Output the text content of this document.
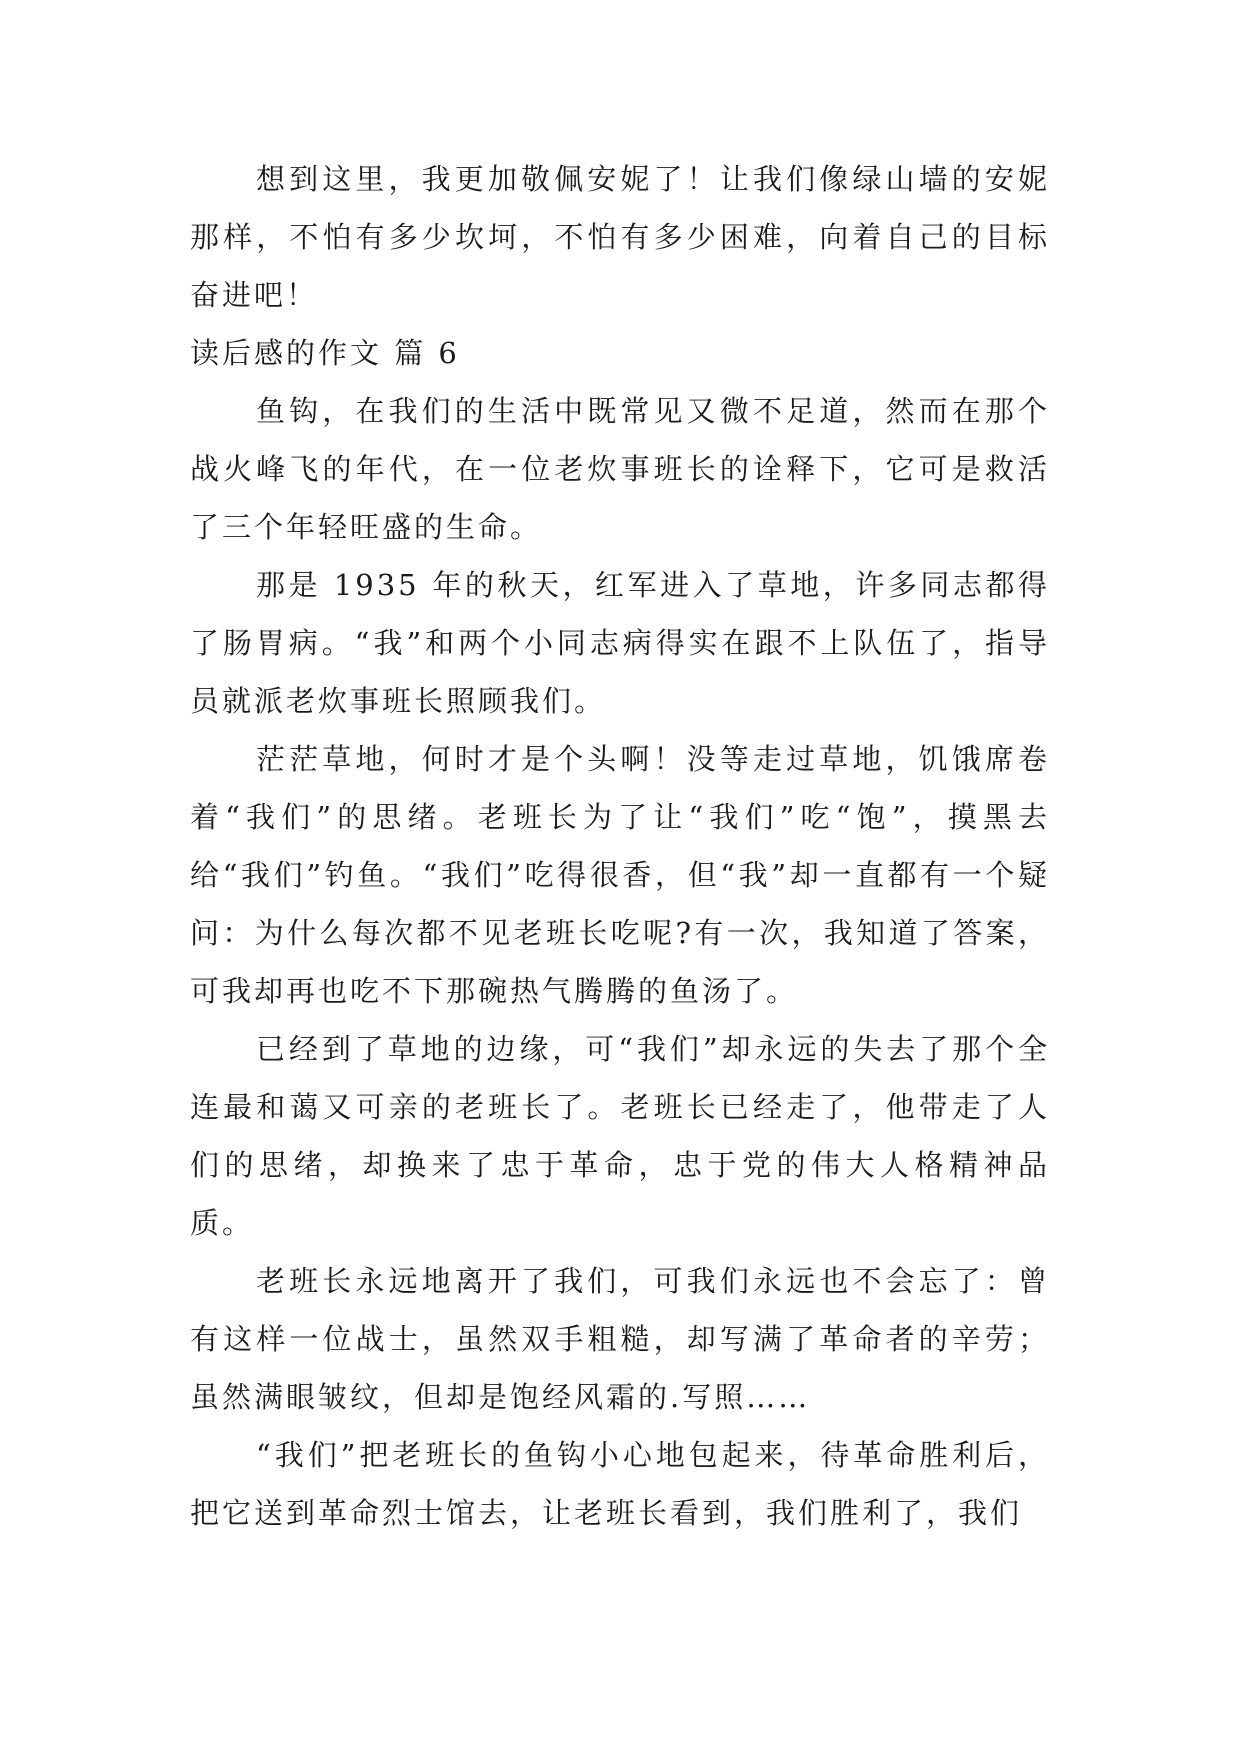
想到这里，我更加敬佩安妮了！让我们像绿山墙的安妮那样，不怕有多少坎坷，不怕有多少困难，向着自己的目标奋进吧！

读后感的作文 篇 6

鱼钩，在我们的生活中既常见又微不足道，然而在那个战火峰飞的年代，在一位老炊事班长的诠释下，它可是救活了三个年轻旺盛的生命。

那是 1935 年的秋天，红军进入了草地，许多同志都得了肠胃病。“我”和两个小同志病得实在跟不上队伍了，指导员就派老炊事班长照顾我们。

茫茫草地，何时才是个头啊！没等走过草地，饥饿席卷着“我们”的思绪。老班长为了让“我们”吃“饱”，摸黑去给“我们”钓鱼。“我们”吃得很香，但“我”却一直都有一个疑问：为什么每次都不见老班长吃呢?有一次，我知道了答案，可我却再也吃不下那碗热气腾腾的鱼汤了。

已经到了草地的边缘，可“我们”却永远的失去了那个全连最和蔼又可亲的老班长了。老班长已经走了，他带走了人们的思绪，却换来了忠于革命，忠于党的伟大人格精神品质。

老班长永远地离开了我们，可我们永远也不会忘了：曾有这样一位战士，虽然双手粗糙，却写满了革命者的辛劳；虽然满眼皱纹，但却是饱经风霜的.写照……

“我们”把老班长的鱼钩小心地包起来，待革命胜利后，把它送到革命烈士馆去，让老班长看到，我们胜利了，我们
